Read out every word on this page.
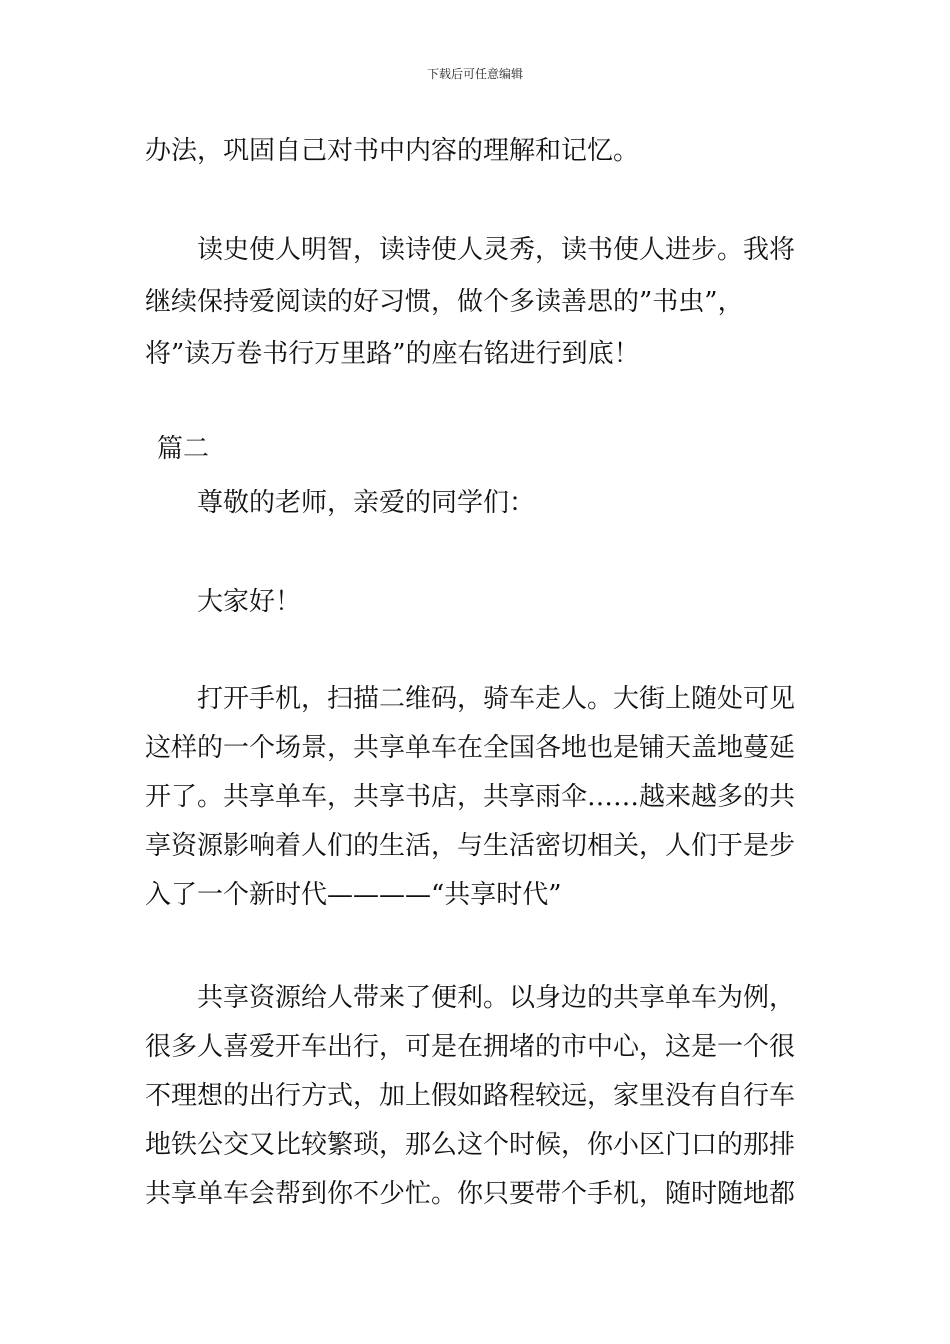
下载后可任意编辑
办法，巩固自己对书中内容的理解和记忆。
读史使人明智，读诗使人灵秀，读书使人进步。我将
继续保持爱阅读的好习惯，做个多读善思的”书虫”，
将”读万卷书行万里路”的座右铭进行到底！
篇二
尊敬的老师，亲爱的同学们：
大家好！
打开手机，扫描二维码，骑车走人。大街上随处可见
这样的一个场景，共享单车在全国各地也是铺天盖地蔓延
开了。共享单车，共享书店，共享雨伞……越来越多的共
享资源影响着人们的生活，与生活密切相关，人们于是步
入了一个新时代————“共享时代”
共享资源给人带来了便利。以身边的共享单车为例，
很多人喜爱开车出行，可是在拥堵的市中心，这是一个很
不理想的出行方式，加上假如路程较远，家里没有自行车
地铁公交又比较繁琐，那么这个时候，你小区门口的那排
共享单车会帮到你不少忙。你只要带个手机，随时随地都
